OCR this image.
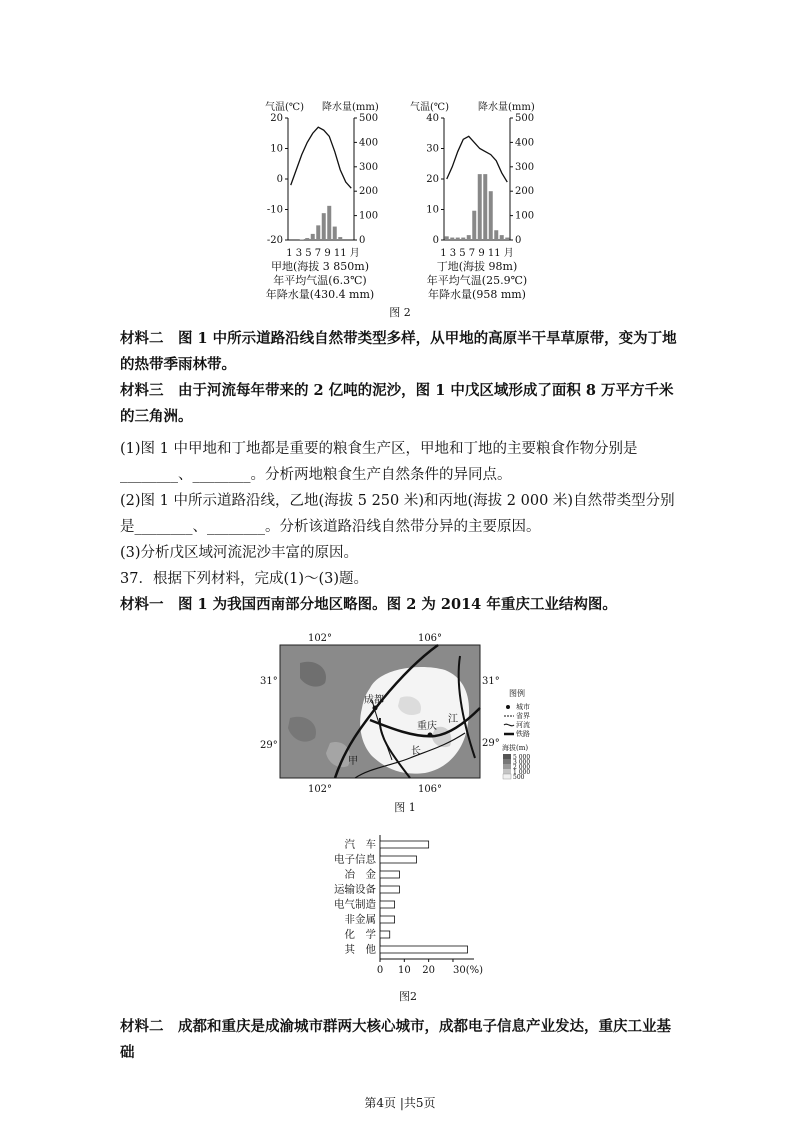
气温(℃) 降水量(mm)
20
10
0
-10
-20
500
400
300
200
100
0
1 3 5 7 9 11 月
甲地(海拔 3 850m)
年平均气温(6.3℃)
年降水量(430.4 mm)
气温(℃)	降水量(mm)
40
30
20
10
0
500
400
300
200
100
0
1 3 5 7 9 11 月
丁地(海拔 98m)
年平均气温(25.9℃)
年降水量(958 mm)
图 2
材料二　图 1 中所示道路沿线自然带类型多样，从甲地的高原半干旱草原带，变为丁地的热带季雨林带。
材料三　由于河流每年带来的 2 亿吨的泥沙，图 1 中戊区域形成了面积 8 万平方千米的三角洲。
(1)图 1 中甲地和丁地都是重要的粮食生产区，甲地和丁地的主要粮食作物分别是________、________。分析两地粮食生产自然条件的异同点。
(2)图 1 中所示道路沿线，乙地(海拔 5 250 米)和丙地(海拔 2 000 米)自然带类型分别是________、________。分析该道路沿线自然带分异的主要原因。
(3)分析戊区域河流泥沙丰富的原因。
37．根据下列材料，完成(1)～(3)题。
材料一　图 1 为我国西南部分地区略图。图 2 为 2014 年重庆工业结构图。
102°	106°
31°
29°
31°
29°
成都
重庆
甲
长
江
102°	106°
图例
城市
省界
河流
铁路
海拔(m)
5 000
3 000
2 000
1 000
500
图 1
汽　车
电子信息
冶　金
运输设备
电气制造
非金属
化　学
其　他
0 10 20 30(%)
图2
材料二　成都和重庆是成渝城市群两大核心城市，成都电子信息产业发达，重庆工业基础
第4页 |共5页
